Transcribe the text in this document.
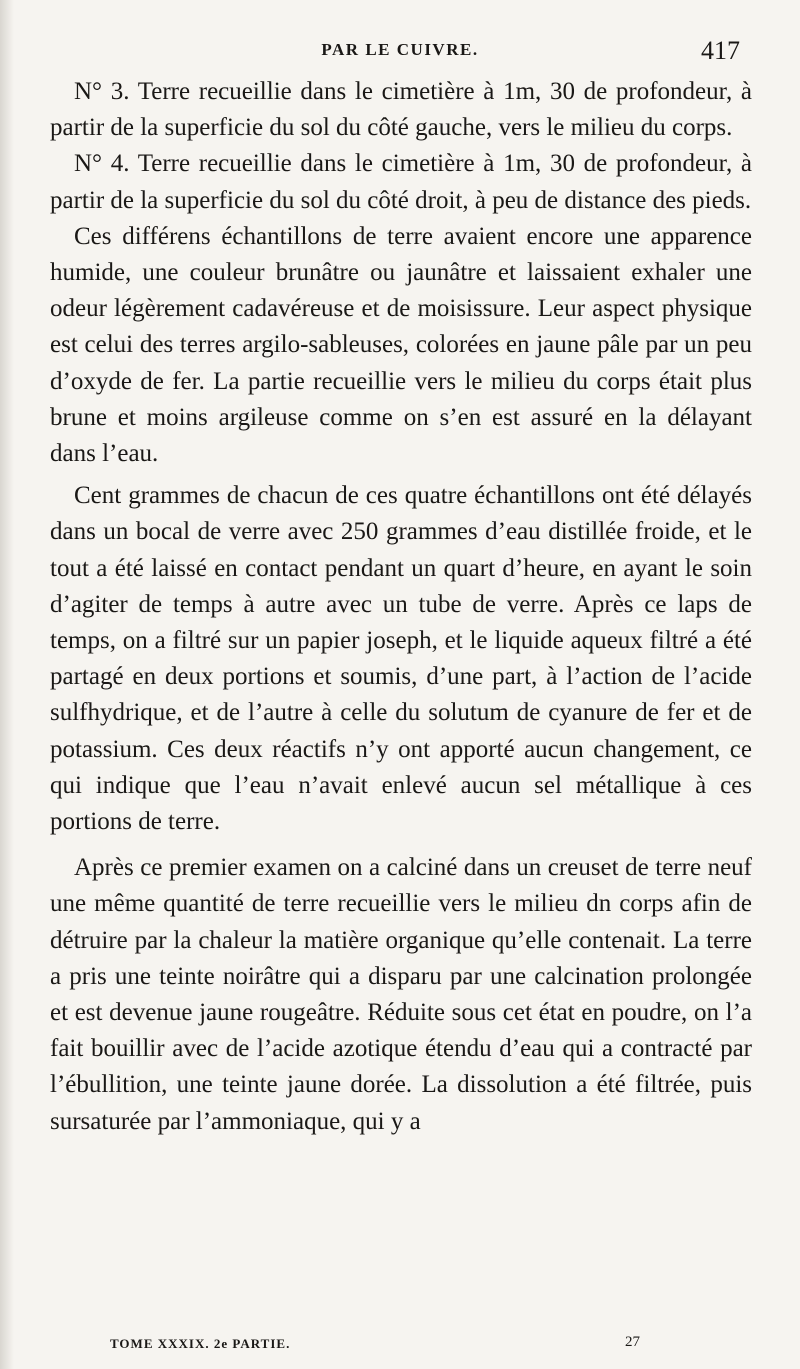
PAR LE CUIVRE.	417

N° 3. Terre recueillie dans le cimetière à 1m, 30 de profondeur, à partir de la superficie du sol du côté gauche, vers le milieu du corps.

N° 4. Terre recueillie dans le cimetière à 1m, 30 de profondeur, à partir de la superficie du sol du côté droit, à peu de distance des pieds.

Ces différens échantillons de terre avaient encore une apparence humide, une couleur brunâtre ou jaunâtre et laissaient exhaler une odeur légèrement cadavéreuse et de moisissure. Leur aspect physique est celui des terres argilo-sableuses, colorées en jaune pâle par un peu d’oxyde de fer. La partie recueillie vers le milieu du corps était plus brune et moins argileuse comme on s’en est assuré en la délayant dans l’eau.

Cent grammes de chacun de ces quatre échantillons ont été délayés dans un bocal de verre avec 250 grammes d’eau distillée froide, et le tout a été laissé en contact pendant un quart d’heure, en ayant le soin d’agiter de temps à autre avec un tube de verre. Après ce laps de temps, on a filtré sur un papier joseph, et le liquide aqueux filtré a été partagé en deux portions et soumis, d’une part, à l’action de l’acide sulfhydrique, et de l’autre à celle du solutum de cyanure de fer et de potassium. Ces deux réactifs n’y ont apporté aucun changement, ce qui indique que l’eau n’avait enlevé aucun sel métallique à ces portions de terre.

Après ce premier examen on a calciné dans un creuset de terre neuf une même quantité de terre recueillie vers le milieu dn corps afin de détruire par la chaleur la matière organique qu’elle contenait. La terre a pris une teinte noirâtre qui a disparu par une calcination prolongée et est devenue jaune rougeâtre. Réduite sous cet état en poudre, on l’a fait bouillir avec de l’acide azotique étendu d’eau qui a contracté par l’ébullition, une teinte jaune dorée. La dissolution a été filtrée, puis sursaturée par l’ammoniaque, qui y a

TOME XXXIX. 2e PARTIE.	27
